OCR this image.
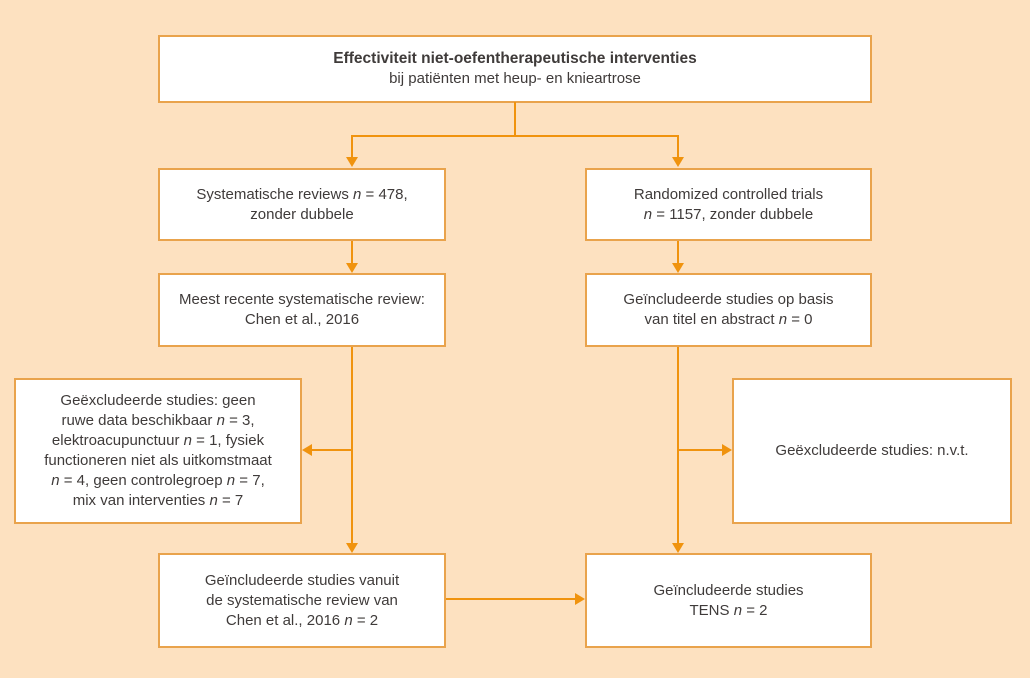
Effectiviteit niet-oefentherapeutische interventies
bij patiënten met heup- en knieartrose
Systematische reviews n = 478,
zonder dubbele
Randomized controlled trials
n = 1157, zonder dubbele
Meest recente systematische review:
Chen et al., 2016
Geïncludeerde studies op basis
van titel en abstract n = 0
Geëxcludeerde studies: geen
ruwe data beschikbaar n = 3,
elektroacupunctuur n = 1, fysiek
functioneren niet als uitkomstmaat
n = 4, geen controlegroep n = 7,
mix van interventies n = 7
Geëxcludeerde studies: n.v.t.
Geïncludeerde studies vanuit
de systematische review van
Chen et al., 2016 n = 2
Geïncludeerde studies
TENS n = 2
